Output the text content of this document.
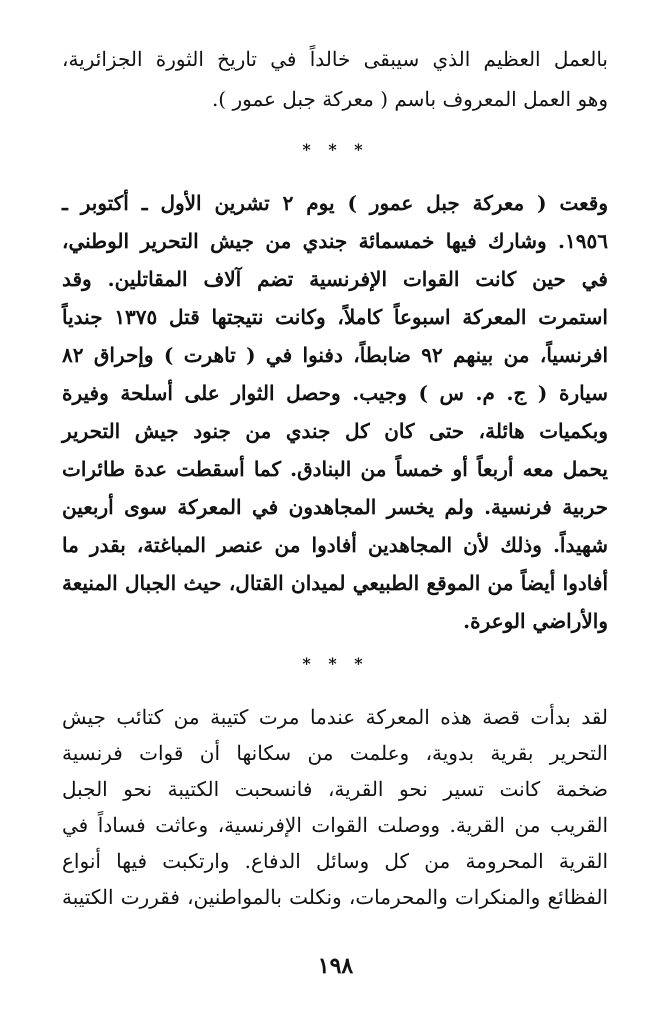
بالعمل العظيم الذي سيبقى خالداً في تاريخ الثورة الجزائرية،
وهو العمل المعروف باسم ( معركة جبل عمور ).
* * *
وقعت ( معركة جبل عمور ) يوم ٢ تشرين الأول ـ أكتوبر ـ
١٩٥٦. وشارك فيها خمسمائة جندي من جيش التحرير الوطني،
في حين كانت القوات الإفرنسية تضم آلاف المقاتلين. وقد
استمرت المعركة اسبوعاً كاملاً، وكانت نتيجتها قتل ١٣٧٥ جندياً
افرنسياً، من بينهم ٩٢ ضابطاً، دفنوا في ( تاهرت ) وإحراق ٨٢
سيارة ( ج. م. س ) وجيب. وحصل الثوار على أسلحة وفيرة
وبكميات هائلة، حتى كان كل جندي من جنود جيش التحرير
يحمل معه أربعاً أو خمساً من البنادق. كما أسقطت عدة طائرات
حربية فرنسية. ولم يخسر المجاهدون في المعركة سوى أربعين
شهيداً. وذلك لأن المجاهدين أفادوا من عنصر المباغتة، بقدر ما
أفادوا أيضاً من الموقع الطبيعي لميدان القتال، حيث الجبال المنيعة
والأراضي الوعرة.
* * *
لقد بدأت قصة هذه المعركة عندما مرت كتيبة من كتائب جيش
التحرير بقرية بدوية، وعلمت من سكانها أن قوات فرنسية
ضخمة كانت تسير نحو القرية، فانسحبت الكتيبة نحو الجبل
القريب من القرية. ووصلت القوات الإفرنسية، وعاثت فساداً في
القرية المحرومة من كل وسائل الدفاع. وارتكبت فيها أنواع
الفظائع والمنكرات والمحرمات، ونكلت بالمواطنين، فقررت الكتيبة
١٩٨
